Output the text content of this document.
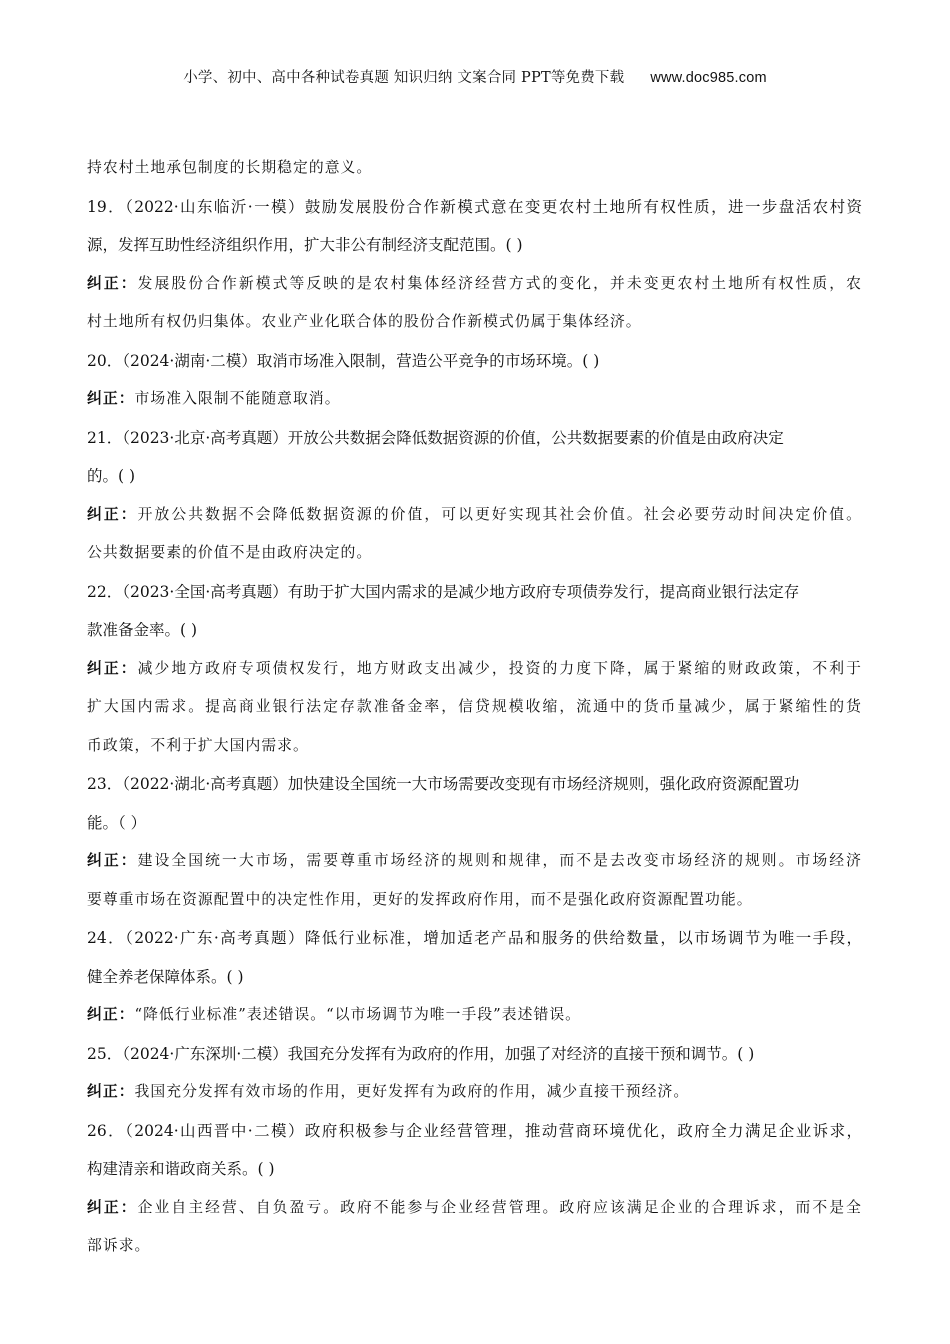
小学、初中、高中各种试卷真题 知识归纳 文案合同 PPT等免费下载 www.doc985.com
持农村土地承包制度的长期稳定的意义。
19．（2022·山东临沂·一模）鼓励发展股份合作新模式意在变更农村土地所有权性质，进一步盘活农村资
源，发挥互助性经济组织作用，扩大非公有制经济支配范围。( )
纠正：发展股份合作新模式等反映的是农村集体经济经营方式的变化，并未变更农村土地所有权性质，农
村土地所有权仍归集体。农业产业化联合体的股份合作新模式仍属于集体经济。
20．（2024·湖南·二模）取消市场准入限制，营造公平竞争的市场环境。( )
纠正：市场准入限制不能随意取消。
21．（2023·北京·高考真题）开放公共数据会降低数据资源的价值，公共数据要素的价值是由政府决定
的。( )
纠正：开放公共数据不会降低数据资源的价值，可以更好实现其社会价值。社会必要劳动时间决定价值。
公共数据要素的价值不是由政府决定的。
22．（2023·全国·高考真题）有助于扩大国内需求的是减少地方政府专项债券发行，提高商业银行法定存
款准备金率。( )
纠正：减少地方政府专项债权发行，地方财政支出减少，投资的力度下降，属于紧缩的财政政策，不利于
扩大国内需求。提高商业银行法定存款准备金率，信贷规模收缩，流通中的货币量减少，属于紧缩性的货
币政策，不利于扩大国内需求。
23．（2022·湖北·高考真题）加快建设全国统一大市场需要改变现有市场经济规则，强化政府资源配置功
能。（ ）
纠正：建设全国统一大市场，需要尊重市场经济的规则和规律，而不是去改变市场经济的规则。市场经济
要尊重市场在资源配置中的决定性作用，更好的发挥政府作用，而不是强化政府资源配置功能。
24．（2022·广东·高考真题）降低行业标准，增加适老产品和服务的供给数量，以市场调节为唯一手段，
健全养老保障体系。( )
纠正：“降低行业标准”表述错误。“以市场调节为唯一手段”表述错误。
25．（2024·广东深圳·二模）我国充分发挥有为政府的作用，加强了对经济的直接干预和调节。( )
纠正：我国充分发挥有效市场的作用，更好发挥有为政府的作用，减少直接干预经济。
26．（2024·山西晋中·二模）政府积极参与企业经营管理，推动营商环境优化，政府全力满足企业诉求，
构建清亲和谐政商关系。( )
纠正：企业自主经营、自负盈亏。政府不能参与企业经营管理。政府应该满足企业的合理诉求，而不是全
部诉求。
